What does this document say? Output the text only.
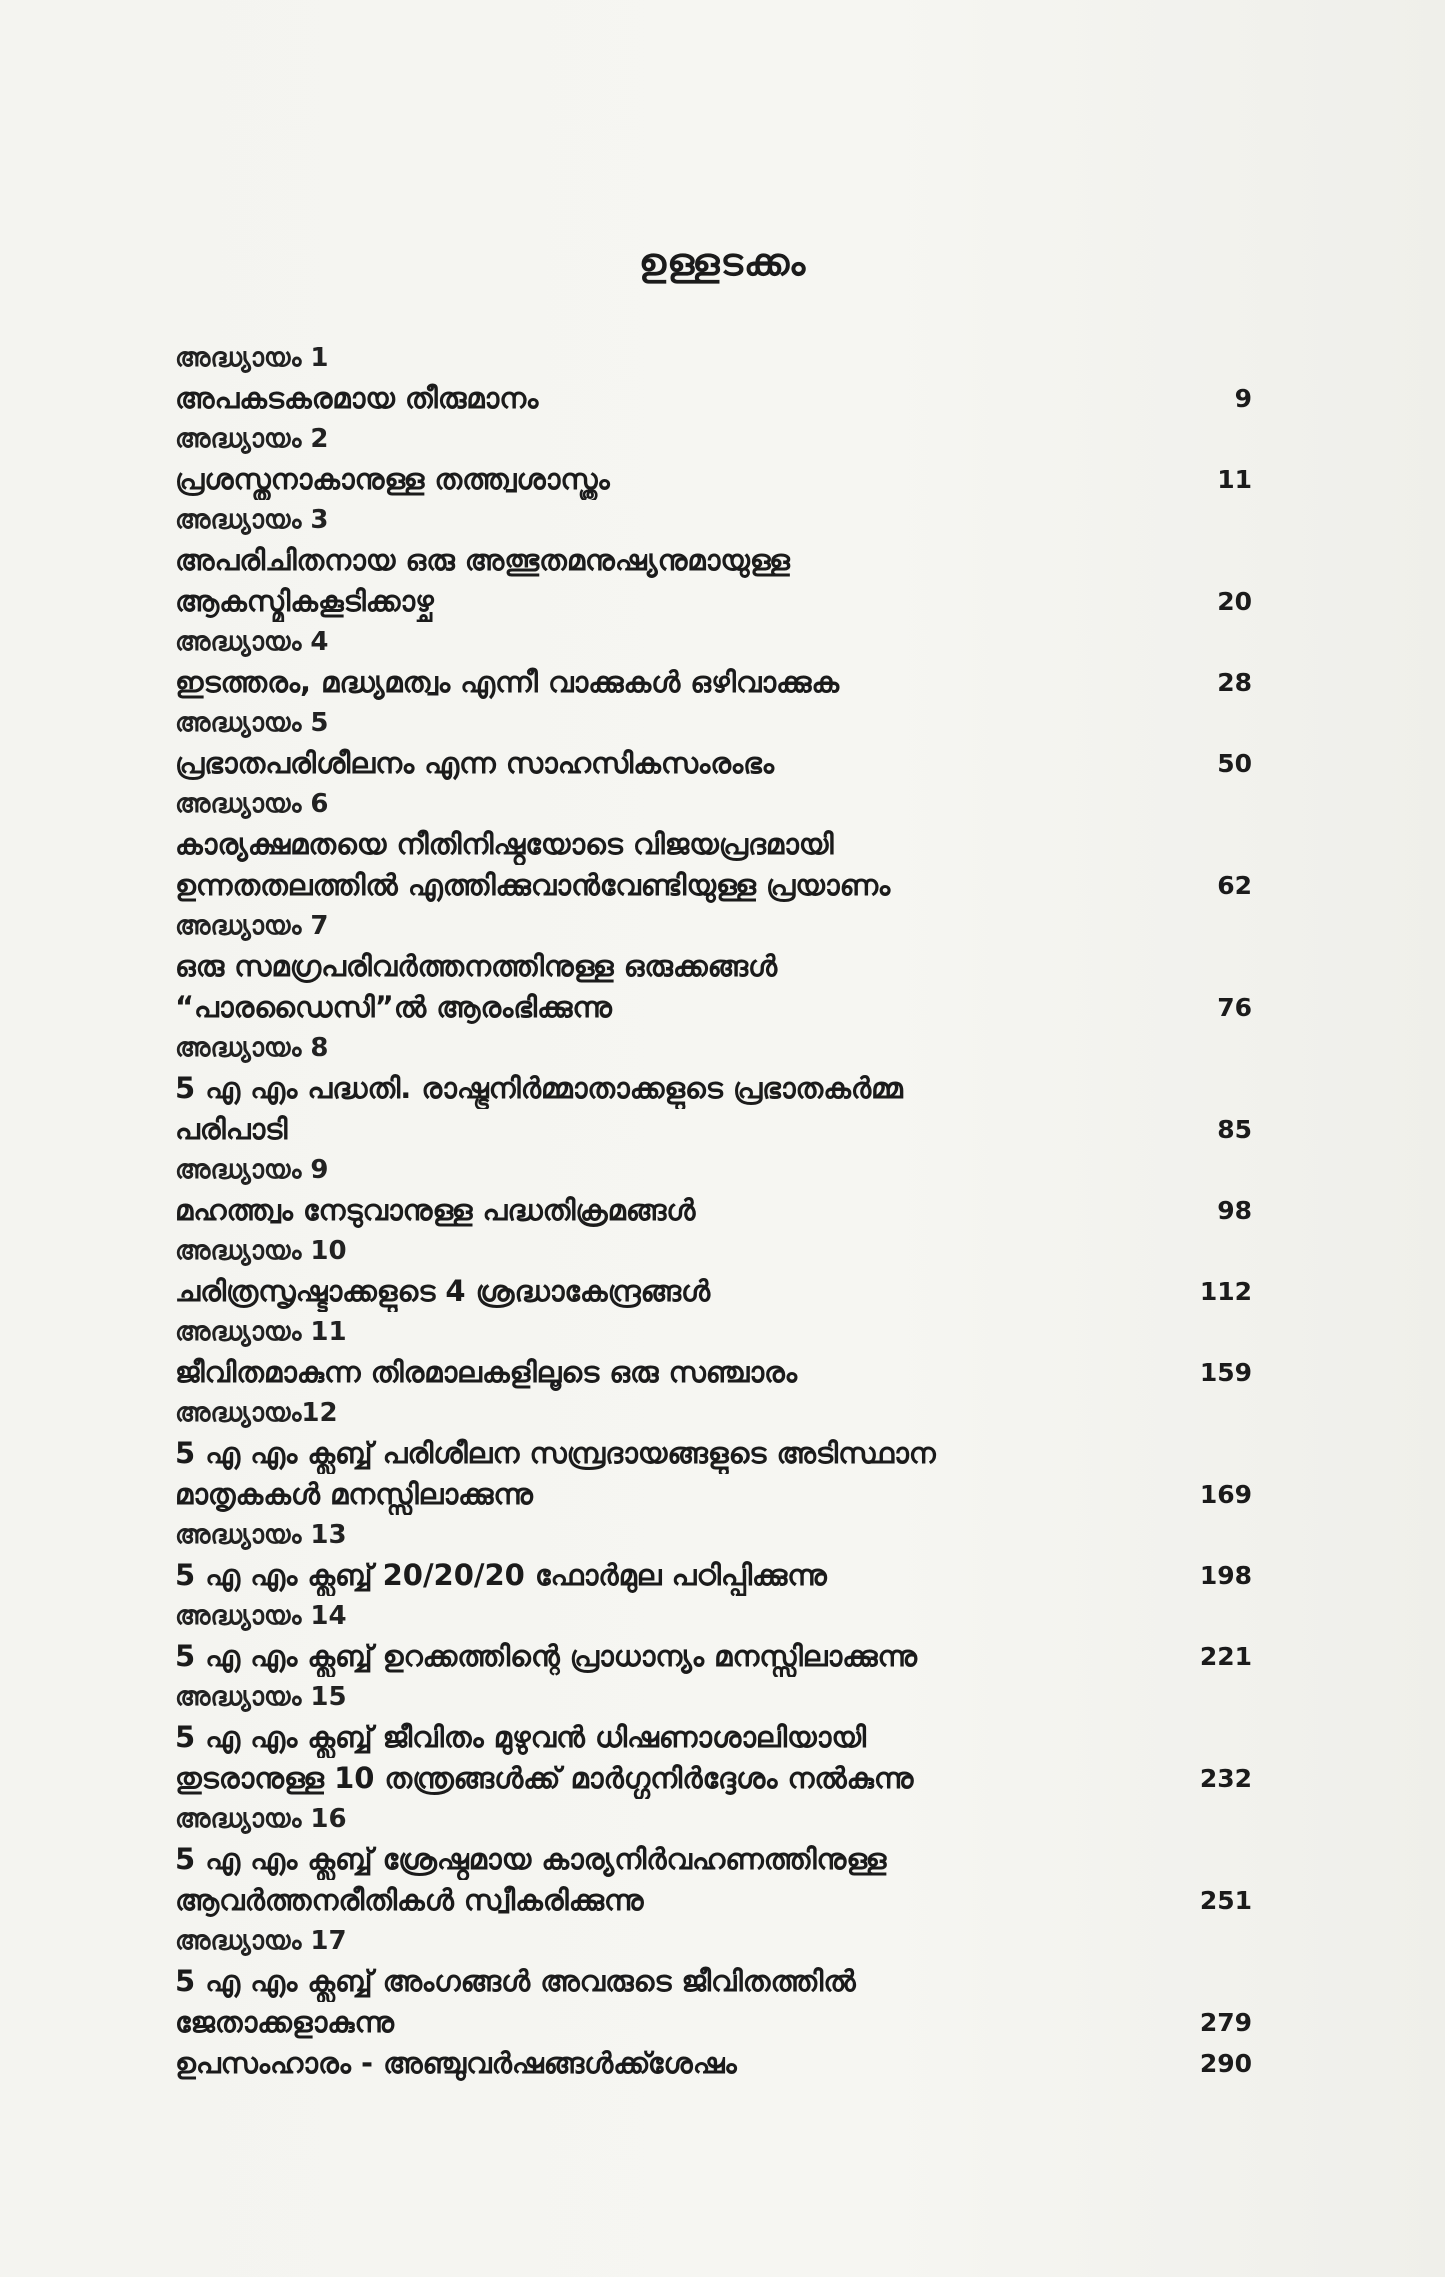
ഉള്ളടക്കം
അദ്ധ്യായം 1
അപകടകരമായ തീരുമാനം	9
അദ്ധ്യായം 2
പ്രശസ്തനാകാനുള്ള തത്ത്വശാസ്ത്രം	11
അദ്ധ്യായം 3
അപരിചിതനായ ഒരു അത്ഭുതമനുഷ്യനുമായുള്ള
ആകസ്മികകൂടിക്കാഴ്ച	20
അദ്ധ്യായം 4
ഇടത്തരം, മദ്ധ്യമത്വം എന്നീ വാക്കുകൾ ഒഴിവാക്കുക	28
അദ്ധ്യായം 5
പ്രഭാതപരിശീലനം എന്ന സാഹസികസംരംഭം	50
അദ്ധ്യായം 6
കാര്യക്ഷമതയെ നീതിനിഷ്ഠയോടെ വിജയപ്രദമായി
ഉന്നതതലത്തിൽ എത്തിക്കുവാൻവേണ്ടിയുള്ള പ്രയാണം	62
അദ്ധ്യായം 7
ഒരു സമഗ്രപരിവർത്തനത്തിനുള്ള ഒരുക്കങ്ങൾ
“പാരഡൈസി”ൽ ആരംഭിക്കുന്നു	76
അദ്ധ്യായം 8
5 എ എം പദ്ധതി. രാഷ്ട്രനിർമ്മാതാക്കളുടെ പ്രഭാതകർമ്മ
പരിപാടി	85
അദ്ധ്യായം 9
മഹത്ത്വം നേടുവാനുള്ള പദ്ധതിക്രമങ്ങൾ	98
അദ്ധ്യായം 10
ചരിത്രസൃഷ്ടാക്കളുടെ 4 ശ്രദ്ധാകേന്ദ്രങ്ങൾ	112
അദ്ധ്യായം 11
ജീവിതമാകുന്ന തിരമാലകളിലൂടെ ഒരു സഞ്ചാരം	159
അദ്ധ്യായം12
5 എ എം ക്ലബ്ബ് പരിശീലന സമ്പ്രദായങ്ങളുടെ അടിസ്ഥാന
മാതൃകകൾ മനസ്സിലാക്കുന്നു	169
അദ്ധ്യായം 13
5 എ എം ക്ലബ്ബ് 20/20/20 ഫോർമുല പഠിപ്പിക്കുന്നു	198
അദ്ധ്യായം 14
5 എ എം ക്ലബ്ബ് ഉറക്കത്തിന്റെ പ്രാധാന്യം മനസ്സിലാക്കുന്നു	221
അദ്ധ്യായം 15
5 എ എം ക്ലബ്ബ് ജീവിതം മുഴുവൻ ധിഷണാശാലിയായി
തുടരാനുള്ള 10 തന്ത്രങ്ങൾക്ക് മാർഗ്ഗനിർദ്ദേശം നൽകുന്നു	232
അദ്ധ്യായം 16
5 എ എം ക്ലബ്ബ് ശ്രേഷ്ഠമായ കാര്യനിർവഹണത്തിനുള്ള
ആവർത്തനരീതികൾ സ്വീകരിക്കുന്നു	251
അദ്ധ്യായം 17
5 എ എം ക്ലബ്ബ് അംഗങ്ങൾ അവരുടെ ജീവിതത്തിൽ
ജേതാക്കളാകുന്നു	279
ഉപസംഹാരം - അഞ്ചുവർഷങ്ങൾക്ക്ശേഷം	290
